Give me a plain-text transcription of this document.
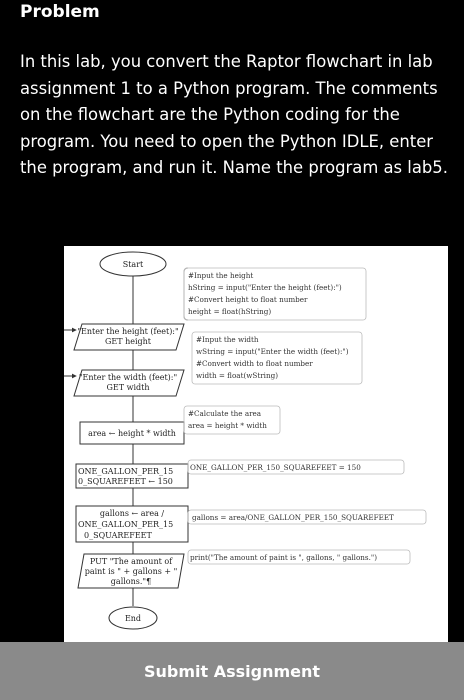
Problem
In this lab, you convert the Raptor flowchart in lab assignment 1 to a Python program. The comments on the flowchart are the Python coding for the program. You need to open the Python IDLE, enter the program, and run it. Name the program as lab5.
Start
"Enter the height (feet):"
GET height
"Enter the width (feet):"
GET width
area ← height * width
ONE_GALLON_PER_15
0_SQUAREFEET ← 150
gallons ← area /
ONE_GALLON_PER_15
0_SQUAREFEET
PUT "The amount of
paint is " + gallons + "
gallons."¶
End
#Input the height
hString = input("Enter the height (feet):")
#Convert height to float number
height = float(hString)
#Input the width
wString = input("Enter the width (feet):")
#Convert width to float number
width = float(wString)
#Calculate the area
area = height * width
ONE_GALLON_PER_150_SQUAREFEET = 150
gallons = area/ONE_GALLON_PER_150_SQUAREFEET
print("The amount of paint is ", gallons, " gallons.")
Submit Assignment
